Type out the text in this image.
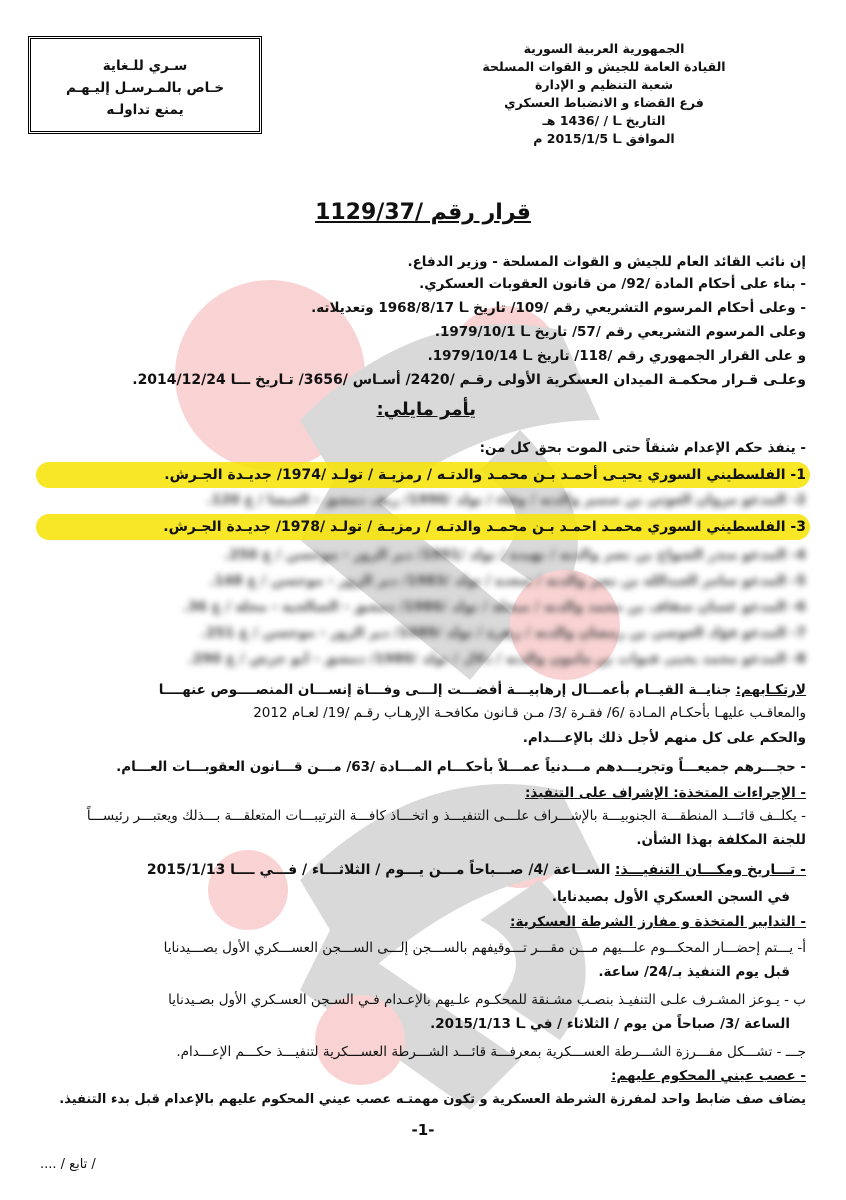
الجمهورية العربية السورية
القيادة العامة للجيش و القوات المسلحة
شعبة التنظيم و الإدارة
فرع القضاء و الانضباط العسكري
التاريخ ـا / /1436 هـ
الموافق ـا 2015/1/5 م
سـري للـغاية
خـاص بالمـرسـل إليـهـم
يمنع تداولـه
قرار رقم /1129/37
إن نائب القائد العام للجيش و القوات المسلحة - وزير الدفاع.
- بناء على أحكام المادة /92/ من قانون العقوبات العسكري.
- وعلى أحكام المرسوم التشريعي رقم /109/ تاريخ ـا 1968/8/17 وتعديلاته.
وعلى المرسوم التشريعي رقم /57/ تاريخ ـا 1979/10/1.
و على القرار الجمهوري رقم /118/ تاريخ ـا 1979/10/14.
وعلـى قـرار محكمـة الميدان العسكرية الأولى رقـم /2420/ أسـاس /3656/ تـاريخ ـــا 2014/12/24.
يأمر مايلي:
- ينفذ حكم الإعدام شنقاً حتى الموت بحق كل من:
1- الفلسطيني السوري يحيـى أحمـد بـن محمـد والدتـه / رمزيـة / تولـد /1974/ جديـدة الجـرش.
2- المدعو مروان الغوثي بن سمير والدته / وفاء / تولد /1990/ ريف دمشق - الغيضا / غ 120.
3- الفلسطيني السوري محمـد احمـد بـن محمـد والدتـه / رمزيـة / تولـد /1978/ جديـدة الجـرش.
4- المدعو منذر الشواخ بن نصر والدته / نهيدة / تولد /1991/ دير الزور - موحسن / غ 250.
5- المدعو سامر العبدالله بن نصر والدته / سعدة / تولد /1983/ دير الزور - موحسن / غ 148.
6- المدعو غسان سقاف بن محمد والدته / ميخلة / تولد /1986/ دمشق - الصالحية - محلة / غ 36.
7- المدعو فؤاد العوصي بن رمضان والدته / زهرة / تولد /1989/ دير الزور - موحسن / غ 251.
8- المدعو محمد يحيى قنوات بن مأمون والدته / دلال / تولد /1980/ دمشق - أبو جرش / غ 290.
لارتكـابهم: جنايــة القيــام بأعمـــال إرهابيـــة أفضـــت إلـــى وفـــاة إنســـان المنصــــوص عنهــــا
والمعاقـب عليهـا بأحكـام المـادة /6/ فقـرة /3/ مـن قـانون مكافحـة الإرهـاب رقـم /19/ لعـام 2012
والحكم على كل منهم لأجل ذلك بالإعـــدام.
- حجـــرهم جميعـــاً وتجريـــدهم مـــدنياً عمـــلاً بأحكـــام المـــادة /63/ مـــن قـــانون العقوبـــات العـــام.
- الإجراءات المتخذة: الإشراف على التنفيذ:
- يكلــف قائـــد المنطقـــة الجنوبيـــة بالإشـــراف علـــى التنفيـــذ و اتخـــاذ كافـــة الترتيبـــات المتعلقـــة بـــذلك ويعتبـــر رئيســـاً
للجنة المكلفة بهذا الشأن.
- تـــاريخ ومكـــان التنفيـــذ: الســاعة /4/ صـــباحاً مـــن يـــوم / الثلاثـــاء / فـــي ــــا 2015/1/13
في السجن العسكري الأول بصيدنايا.
- التدابير المتخذة و مفارز الشرطة العسكرية:
أ- يـــتم إحضـــار المحكـــوم علـــيهم مـــن مقـــر تـــوقيفهم بالســـجن إلـــى الســـجن العســـكري الأول بصـــيدنايا
قبل يوم التنفيذ بـ/24/ ساعة.
ب - يـوعز المشـرف علـى التنفيـذ بنصـب مشـنقة للمحكـوم علـيهم بالإعـدام فـي السـجن العسـكري الأول بصـيدنايا
الساعة /3/ صباحاً من يوم / الثلاثاء / في ـا 2015/1/13.
جـــ - تشـــكل مفـــرزة الشـــرطة العســـكرية بمعرفـــة قائـــد الشـــرطة العســـكرية لتنفيـــذ حكـــم الإعـــدام.
- عصب عيني المحكوم عليهم:
يضاف صف ضابط واحد لمفرزة الشرطة العسكرية و تكون مهمتـه عصب عيني المحكوم عليهم بالإعدام قبل بدء التنفيذ.
-1-
/ تابع / ....
